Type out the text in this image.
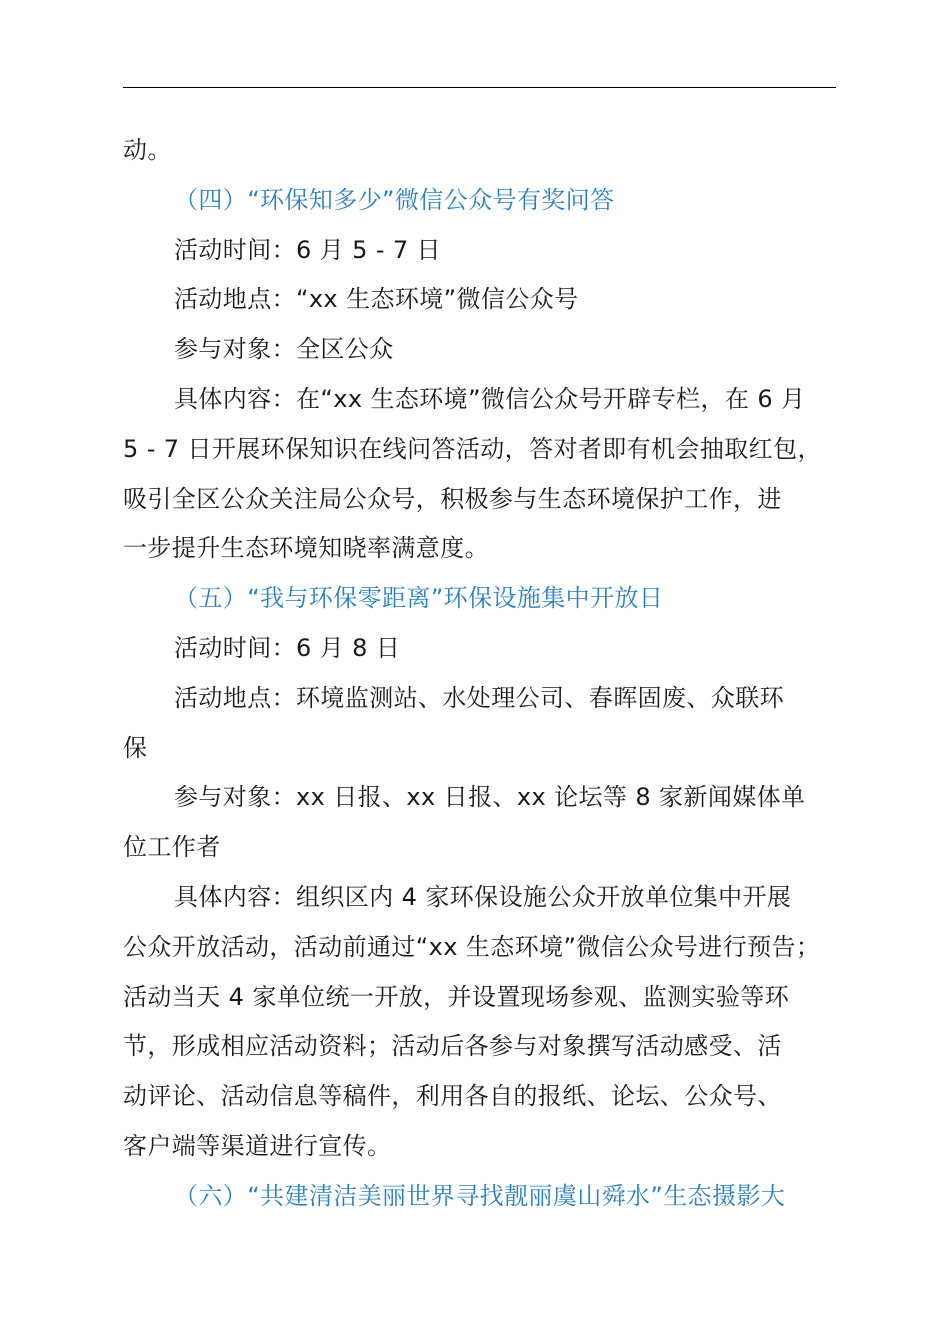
动。
（四）“环保知多少”微信公众号有奖问答
活动时间：6 月 5 - 7 日
活动地点：“xx 生态环境”微信公众号
参与对象：全区公众
具体内容：在“xx 生态环境”微信公众号开辟专栏，在 6 月
5 - 7 日开展环保知识在线问答活动，答对者即有机会抽取红包，
吸引全区公众关注局公众号，积极参与生态环境保护工作，进
一步提升生态环境知晓率满意度。
（五）“我与环保零距离”环保设施集中开放日
活动时间：6 月 8 日
活动地点：环境监测站、水处理公司、春晖固废、众联环
保
参与对象：xx 日报、xx 日报、xx 论坛等 8 家新闻媒体单
位工作者
具体内容：组织区内 4 家环保设施公众开放单位集中开展
公众开放活动，活动前通过“xx 生态环境”微信公众号进行预告；
活动当天 4 家单位统一开放，并设置现场参观、监测实验等环
节，形成相应活动资料；活动后各参与对象撰写活动感受、活
动评论、活动信息等稿件，利用各自的报纸、论坛、公众号、
客户端等渠道进行宣传。
（六）“共建清洁美丽世界寻找靓丽虞山舜水”生态摄影大
